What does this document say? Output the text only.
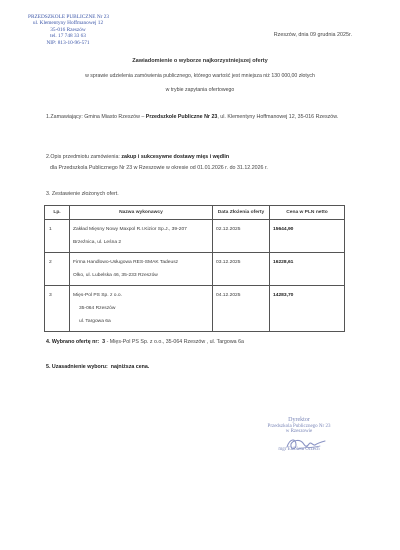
PRZEDSZKOLE PUBLICZNE Nr 23
ul. Klementyny Hoffmanowej 12
35-016 Rzeszów
tel. 17 748 33 63
NIP: 813-10-96-571
Rzeszów, dnia 09 grudnia 2025r.
Zawiadomienie o wyborze najkorzystniejszej oferty
w sprawie udzielenia zamówienia publicznego, którego wartość jest mniejsza niż 130 000,00 złotych
w trybie zapytania ofertowego
1.Zamawiający: Gmina Miasto Rzeszów – Przedszkole Publiczne Nr 23, ul. Klementyny Hoffmanowej 12, 35-016 Rzeszów.
2.Opis przedmiotu zamówienia: zakup i sukcesywne dostawy mięs i wędlin
dla Przedszkola Publicznego Nr 23 w Rzeszowie w okresie od 01.01.2026 r. do 31.12.2026 r.
3. Zestawienie złożonych ofert.
Lp.	Nazwa wykonawcy	Data Złożenia oferty	Cena w PLN netto
1	Zakład Mięsny Nowy Maxpol R.I.Kizior Sp.J., 39-207
Brzeźnica, ul. Leśna 2	02.12.2025	15644,90
2	Firma Handlowo-Usługowa RES-SMAK Tadeusz
Olko, ul. Lubelska 46, 35-233 Rzeszów	03.12.2025	16228,61
3	Mięs-Pol PS Sp. z o.o.
35-064 Rzeszów
ul. Targowa 6a	04.12.2025	14283,70
4. Wybrano ofertę nr: 3 - Mięs-Pol PS Sp. z o.o., 35-064 Rzeszów , ul. Targowa 6a
5. Uzasadnienie wyboru: najniższa cena.
Dyrektor
Przedszkola Publicznego Nr 23
w Rzeszowie
mgr Elżbieta Orzech
